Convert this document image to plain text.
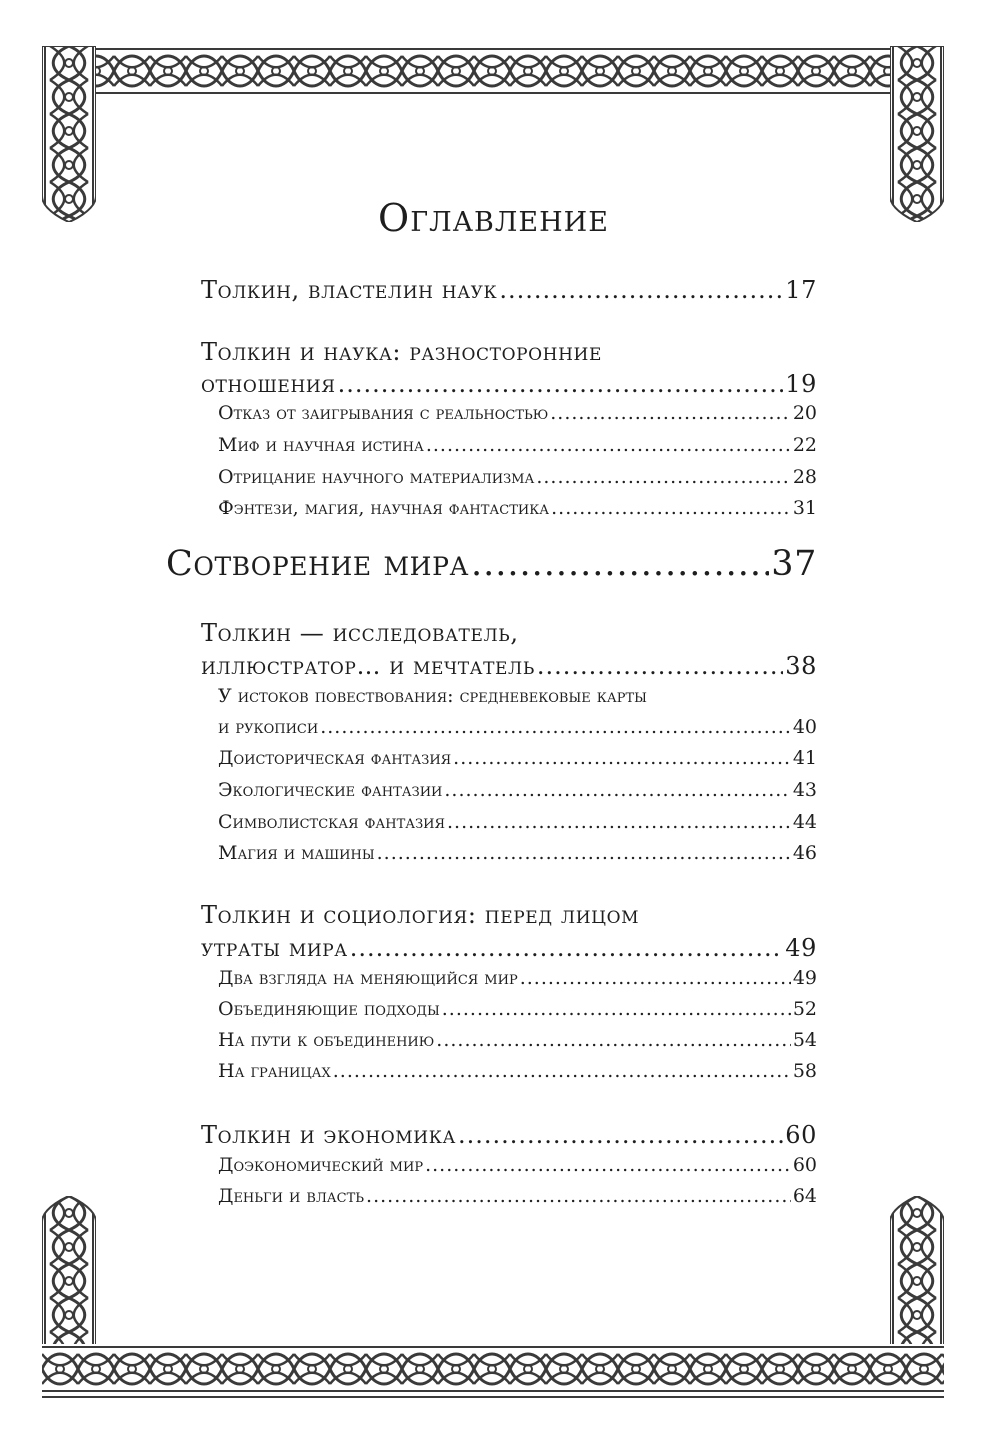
Оглавление
Толкин, властелин наук .....	17
Толкин и наука: разносторонние
отношения .....	19
Отказ от заигрывания с реальностью .....	20
Миф и научная истина .....	22
Отрицание научного материализма .....	28
Фэнтези, магия, научная фантастика .....	31
Сотворение мира .....	37
Толкин — исследователь,
иллюстратор… и мечтатель .....	38
У истоков повествования: средневековые карты
и рукописи .....	40
Доисторическая фантазия .....	41
Экологические фантазии .....	43
Символистская фантазия .....	44
Магия и машины .....	46
Толкин и социология: перед лицом
утраты мира .....	49
Два взгляда на меняющийся мир .....	49
Объединяющие подходы .....	52
На пути к объединению .....	54
На границах .....	58
Толкин и экономика .....	60
Доэкономический мир .....	60
Деньги и власть .....	64
